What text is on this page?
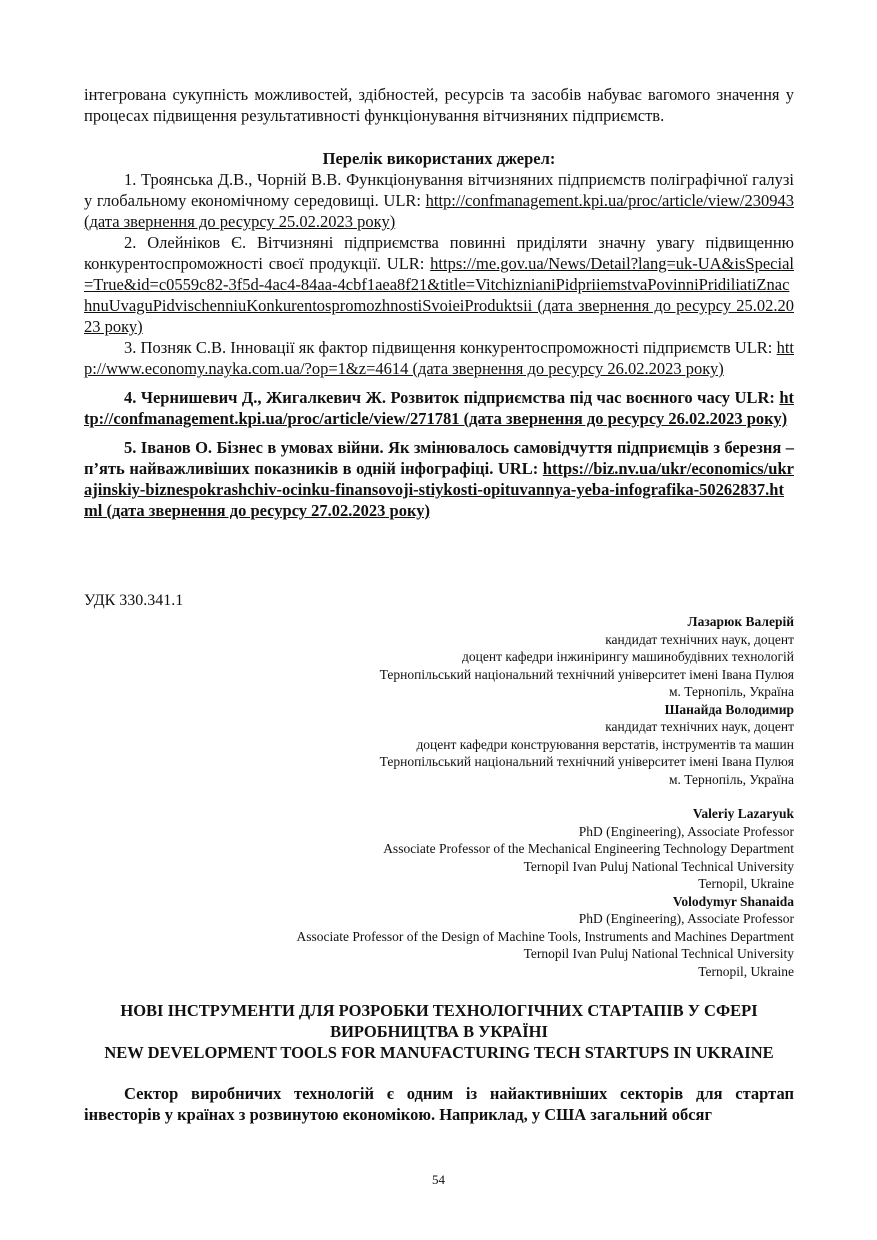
інтегрована сукупність можливостей, здібностей, ресурсів та засобів набуває вагомого значення у процесах підвищення результативності функціонування вітчизняних підприємств.

Перелік використаних джерел:

1. Троянська Д.В., Чорній В.В. Функціонування вітчизняних підприємств поліграфічної галузі у глобальному економічному середовищі. ULR: http://confmanagement.kpi.ua/proc/article/view/230943 (дата звернення до ресурсу 25.02.2023 року)

2. Олейніков Є. Вітчизняні підприємства повинні приділяти значну увагу підвищенню конкурентоспроможності своєї продукції. ULR: https://me.gov.ua/News/Detail?lang=uk-UA&isSpecial=True&id=c0559c82-3f5d-4ac4-84aa-4cbf1aea8f21&title=VitchiznianiPidpriiemstvaPovinniPridiliatiZnachnuUvaguPidvischenniuKonkurentospromozhnostiSvoieiProduktsii (дата звернення до ресурсу 25.02.2023 року)

3. Позняк С.В. Інновації як фактор підвищення конкурентоспроможності підприємств ULR: http://www.economy.nayka.com.ua/?op=1&z=4614 (дата звернення до ресурсу 26.02.2023 року)

4. Чернишевич Д., Жигалкевич Ж. Розвиток підприємства під час воєнного часу ULR: http://confmanagement.kpi.ua/proc/article/view/271781 (дата звернення до ресурсу 26.02.2023 року)

5. Іванов О. Бізнес в умовах війни. Як змінювалось самовідчуття підприємців з березня – п’ять найважливіших показників в одній інфографіці. URL: https://biz.nv.ua/ukr/economics/ukrajinskiy-biznespokrashchiv-ocinku-finansovoji-stiykosti-opituvannya-yeba-infografika-50262837.html (дата звернення до ресурсу 27.02.2023 року)

УДК 330.341.1

Лазарюк Валерій
кандидат технічних наук, доцент
доцент кафедри інжинірингу машинобудівних технологій
Тернопільський національний технічний університет імені Івана Пулюя
м. Тернопіль, Україна
Шанайда Володимир
кандидат технічних наук, доцент
доцент кафедри конструювання верстатів, інструментів та машин
Тернопільський національний технічний університет імені Івана Пулюя
м. Тернопіль, Україна
Valeriy Lazaryuk
PhD (Engineering), Associate Professor
Associate Professor of the Mechanical Engineering Technology Department
Ternopil Ivan Puluj National Technical University
Ternopil, Ukraine
Volodymyr Shanaida
PhD (Engineering), Associate Professor
Associate Professor of the Design of Machine Tools, Instruments and Machines Department
Ternopil Ivan Puluj National Technical University
Ternopil, Ukraine
НОВІ ІНСТРУМЕНТИ ДЛЯ РОЗРОБКИ ТЕХНОЛОГІЧНИХ СТАРТАПІВ У СФЕРІ ВИРОБНИЦТВА В УКРАЇНІ
NEW DEVELOPMENT TOOLS FOR MANUFACTURING TECH STARTUPS IN UKRAINE

Сектор виробничих технологій є одним із найактивніших секторів для стартап інвесторів у країнах з розвинутою економікою. Наприклад, у США загальний обсяг

54
